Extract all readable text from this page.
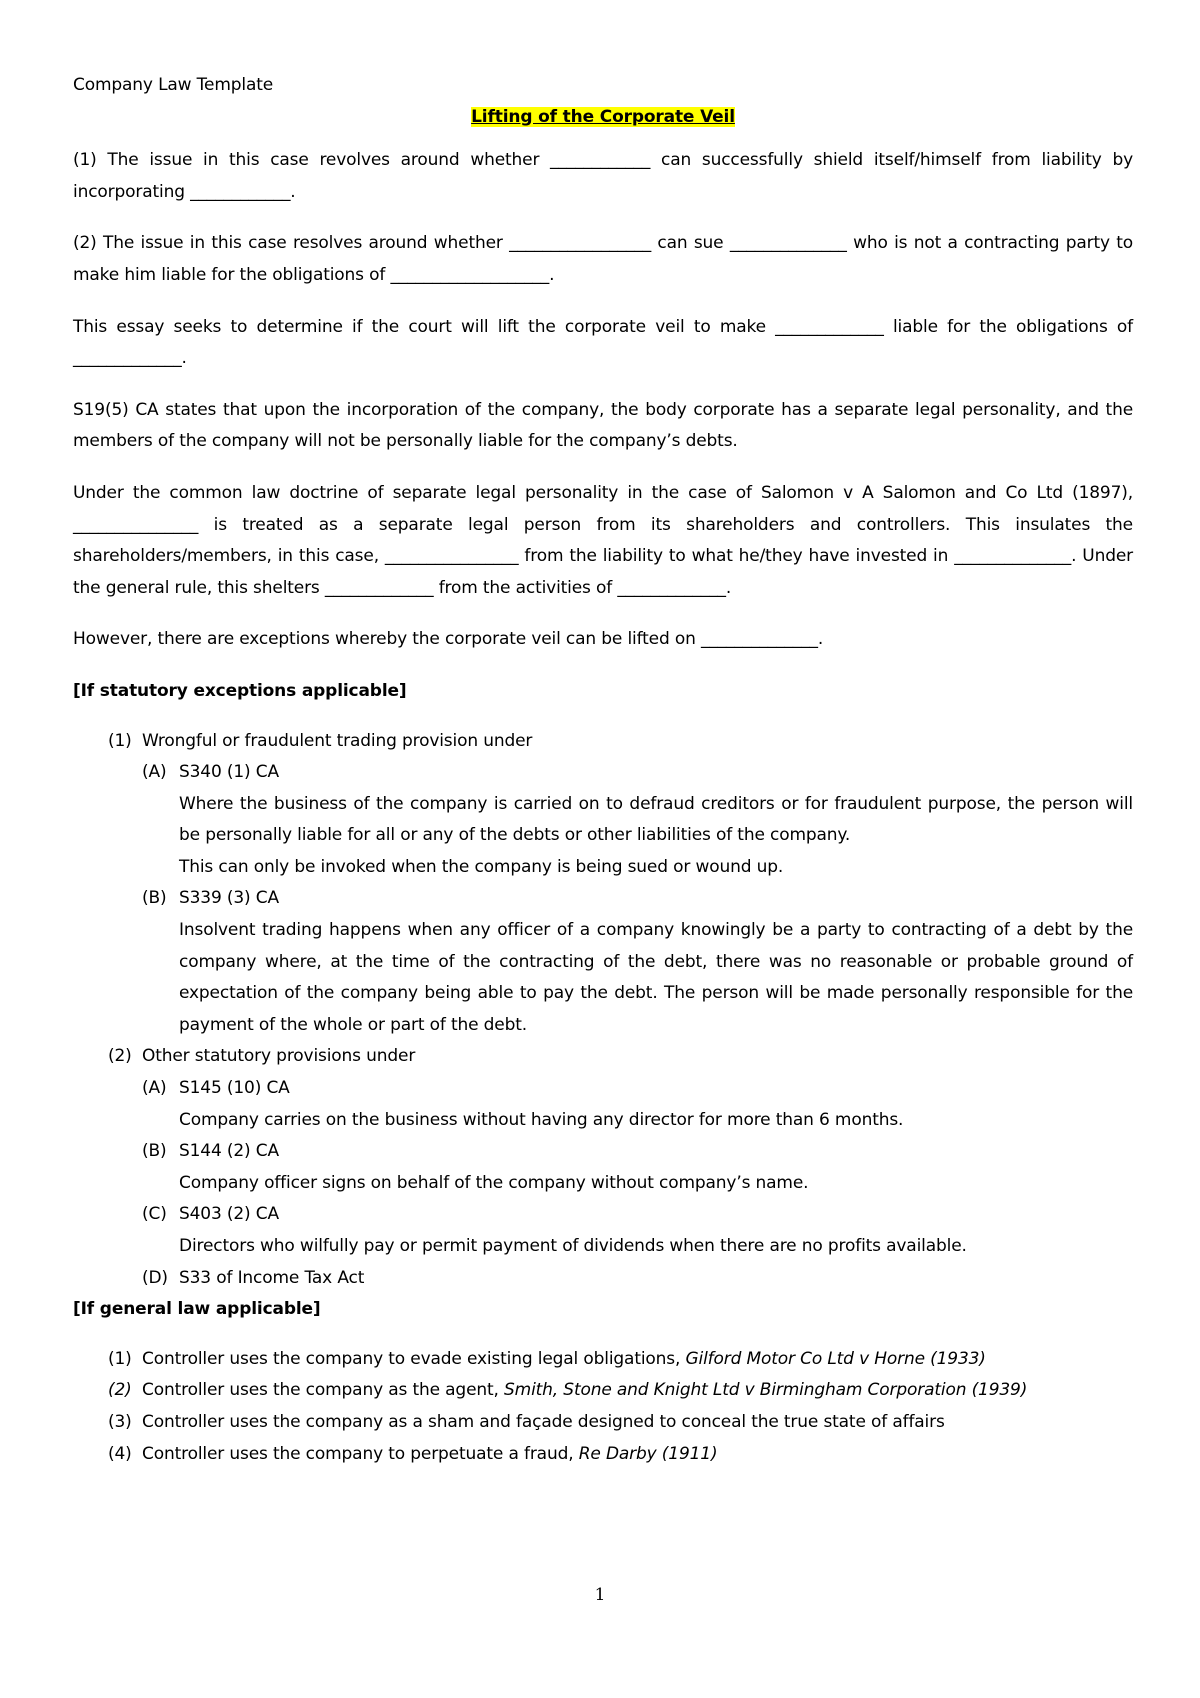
Company Law Template
Lifting of the Corporate Veil

(1) The issue in this case revolves around whether ____________ can successfully shield itself/himself from liability by incorporating ____________.

(2) The issue in this case resolves around whether _________________ can sue ______________ who is not a contracting party to make him liable for the obligations of ___________________.

This essay seeks to determine if the court will lift the corporate veil to make _____________ liable for the obligations of _____________.

S19(5) CA states that upon the incorporation of the company, the body corporate has a separate legal personality, and the members of the company will not be personally liable for the company’s debts.

Under the common law doctrine of separate legal personality in the case of Salomon v A Salomon and Co Ltd (1897), _______________ is treated as a separate legal person from its shareholders and controllers. This insulates the shareholders/members, in this case, ________________ from the liability to what he/they have invested in ______________. Under the general rule, this shelters _____________ from the activities of _____________.

However, there are exceptions whereby the corporate veil can be lifted on ______________.

[If statutory exceptions applicable]
(1) Wrongful or fraudulent trading provision under
(A) S340 (1) CA
Where the business of the company is carried on to defraud creditors or for fraudulent purpose, the person will be personally liable for all or any of the debts or other liabilities of the company.
This can only be invoked when the company is being sued or wound up.
(B) S339 (3) CA
Insolvent trading happens when any officer of a company knowingly be a party to contracting of a debt by the company where, at the time of the contracting of the debt, there was no reasonable or probable ground of expectation of the company being able to pay the debt. The person will be made personally responsible for the payment of the whole or part of the debt.
(2) Other statutory provisions under
(A) S145 (10) CA
Company carries on the business without having any director for more than 6 months.
(B) S144 (2) CA
Company officer signs on behalf of the company without company’s name.
(C) S403 (2) CA
Directors who wilfully pay or permit payment of dividends when there are no profits available.
(D) S33 of Income Tax Act
[If general law applicable]
(1) Controller uses the company to evade existing legal obligations, Gilford Motor Co Ltd v Horne (1933)
(2) Controller uses the company as the agent, Smith, Stone and Knight Ltd v Birmingham Corporation (1939)
(3) Controller uses the company as a sham and façade designed to conceal the true state of affairs
(4) Controller uses the company to perpetuate a fraud, Re Darby (1911)
1
